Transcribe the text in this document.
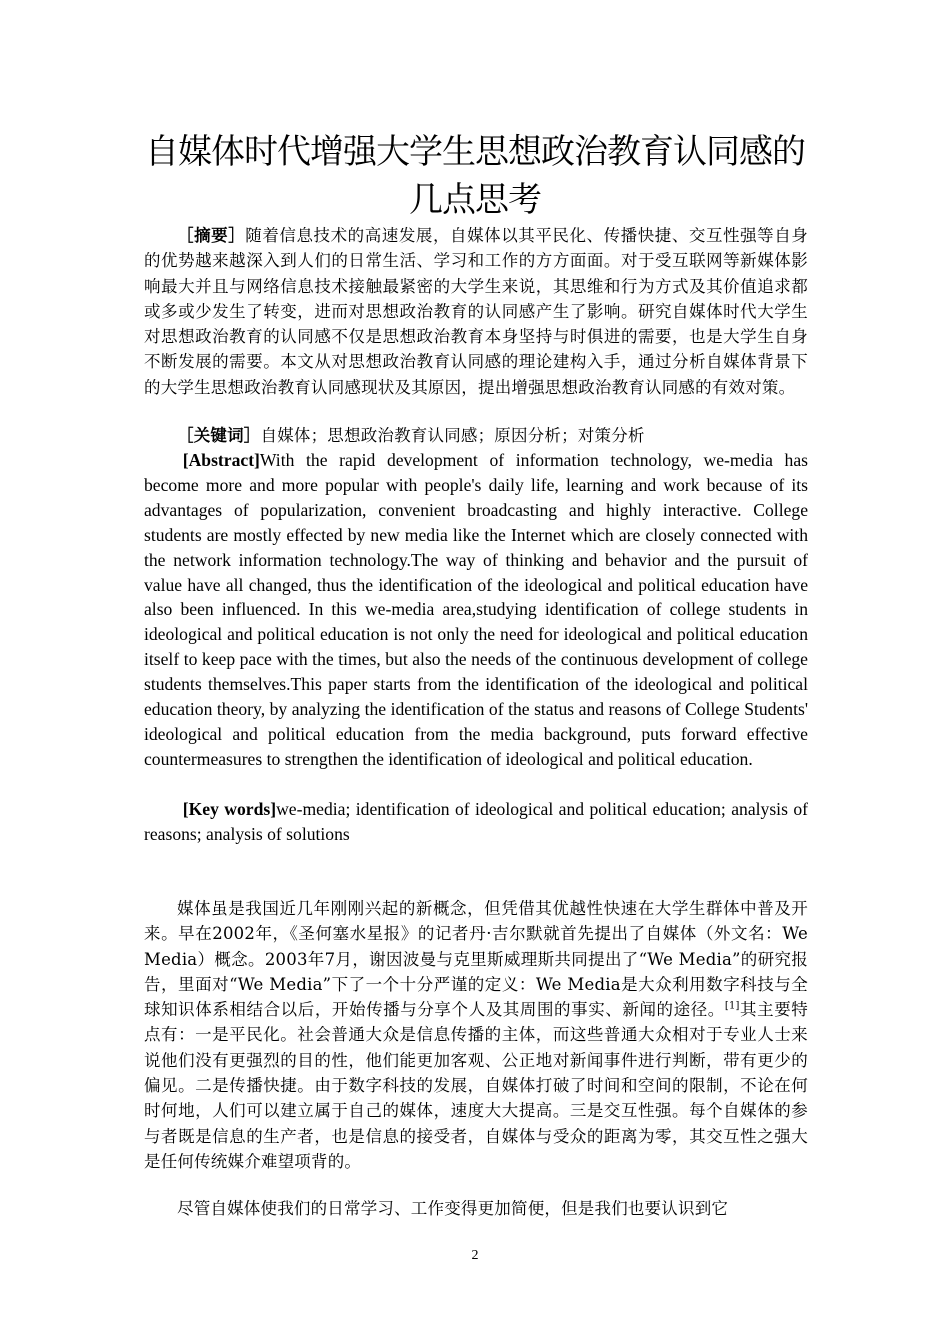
自媒体时代增强大学生思想政治教育认同感的几点思考

［摘要］随着信息技术的高速发展，自媒体以其平民化、传播快捷、交互性强等自身的优势越来越深入到人们的日常生活、学习和工作的方方面面。对于受互联网等新媒体影响最大并且与网络信息技术接触最紧密的大学生来说，其思维和行为方式及其价值追求都或多或少发生了转变，进而对思想政治教育的认同感产生了影响。研究自媒体时代大学生对思想政治教育的认同感不仅是思想政治教育本身坚持与时俱进的需要，也是大学生自身不断发展的需要。本文从对思想政治教育认同感的理论建构入手，通过分析自媒体背景下的大学生思想政治教育认同感现状及其原因，提出增强思想政治教育认同感的有效对策。

［关键词］自媒体；思想政治教育认同感；原因分析；对策分析

[Abstract]With the rapid development of information technology, we-media has become more and more popular with people's daily life, learning and work because of its advantages of popularization, convenient broadcasting and highly interactive. College students are mostly effected by new media like the Internet which are closely connected with the network information technology.The way of thinking and behavior and the pursuit of value have all changed, thus the identification of the ideological and political education have also been influenced. In this we-media area,studying identification of college students in ideological and political education is not only the need for ideological and political education itself to keep pace with the times, but also the needs of the continuous development of college students themselves.This paper starts from the identification of the ideological and political education theory, by analyzing the identification of the status and reasons of College Students' ideological and political education from the media background, puts forward effective countermeasures to strengthen the identification of ideological and political education.

[Key words]we-media; identification of ideological and political education; analysis of reasons; analysis of solutions

媒体虽是我国近几年刚刚兴起的新概念，但凭借其优越性快速在大学生群体中普及开来。早在2002年，《圣何塞水星报》的记者丹·吉尔默就首先提出了自媒体（外文名：We Media）概念。2003年7月，谢因波曼与克里斯威理斯共同提出了“We Media”的研究报告，里面对“We Media”下了一个十分严谨的定义：We Media是大众利用数字科技与全球知识体系相结合以后，开始传播与分享个人及其周围的事实、新闻的途径。[1]其主要特点有：一是平民化。社会普通大众是信息传播的主体，而这些普通大众相对于专业人士来说他们没有更强烈的目的性，他们能更加客观、公正地对新闻事件进行判断，带有更少的偏见。二是传播快捷。由于数字科技的发展，自媒体打破了时间和空间的限制，不论在何时何地，人们可以建立属于自己的媒体，速度大大提高。三是交互性强。每个自媒体的参与者既是信息的生产者，也是信息的接受者，自媒体与受众的距离为零，其交互性之强大是任何传统媒介难望项背的。

尽管自媒体使我们的日常学习、工作变得更加简便，但是我们也要认识到它

2
